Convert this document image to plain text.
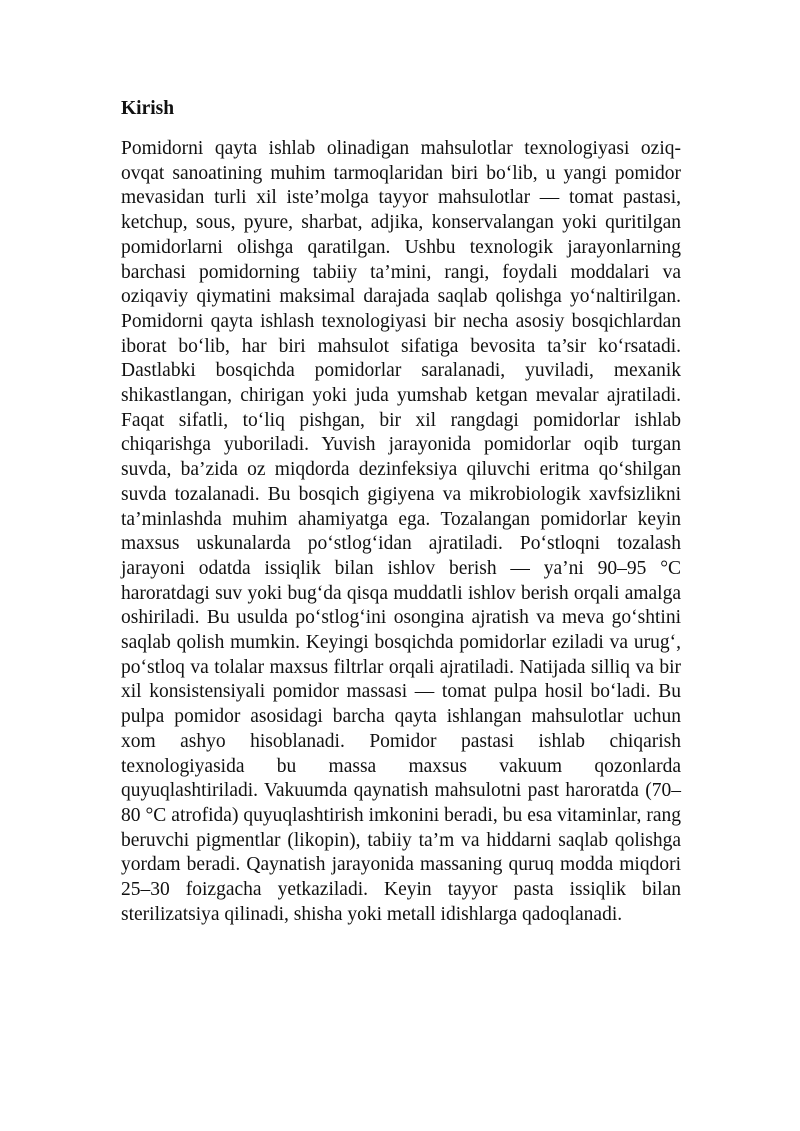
Kirish

Pomidorni qayta ishlab olinadigan mahsulotlar texnologiyasi oziq-ovqat sanoatining muhim tarmoqlaridan biri bo‘lib, u yangi pomidor mevasidan turli xil iste’molga tayyor mahsulotlar — tomat pastasi, ketchup, sous, pyure, sharbat, adjika, konservalangan yoki quritilgan pomidorlarni olishga qaratilgan. Ushbu texnologik jarayonlarning barchasi pomidorning tabiiy ta’mini, rangi, foydali moddalari va oziqaviy qiymatini maksimal darajada saqlab qolishga yo‘naltirilgan. Pomidorni qayta ishlash texnologiyasi bir necha asosiy bosqichlardan iborat bo‘lib, har biri mahsulot sifatiga bevosita ta’sir ko‘rsatadi. Dastlabki bosqichda pomidorlar saralanadi, yuviladi, mexanik shikastlangan, chirigan yoki juda yumshab ketgan mevalar ajratiladi. Faqat sifatli, to‘liq pishgan, bir xil rangdagi pomidorlar ishlab chiqarishga yuboriladi. Yuvish jarayonida pomidorlar oqib turgan suvda, ba’zida oz miqdorda dezinfeksiya qiluvchi eritma qo‘shilgan suvda tozalanadi. Bu bosqich gigiyena va mikrobiologik xavfsizlikni ta’minlashda muhim ahamiyatga ega. Tozalangan pomidorlar keyin maxsus uskunalarda po‘stlog‘idan ajratiladi. Po‘stloqni tozalash jarayoni odatda issiqlik bilan ishlov berish — ya’ni 90–95 °C haroratdagi suv yoki bug‘da qisqa muddatli ishlov berish orqali amalga oshiriladi. Bu usulda po‘stlog‘ini osongina ajratish va meva go‘shtini saqlab qolish mumkin. Keyingi bosqichda pomidorlar eziladi va urug‘, po‘stloq va tolalar maxsus filtrlar orqali ajratiladi. Natijada silliq va bir xil konsistensiyali pomidor massasi — tomat pulpa hosil bo‘ladi. Bu pulpa pomidor asosidagi barcha qayta ishlangan mahsulotlar uchun xom ashyo hisoblanadi. Pomidor pastasi ishlab chiqarish texnologiyasida bu massa maxsus vakuum qozonlarda quyuqlashtiriladi. Vakuumda qaynatish mahsulotni past haroratda (70–80 °C atrofida) quyuqlashtirish imkonini beradi, bu esa vitaminlar, rang beruvchi pigmentlar (likopin), tabiiy ta’m va hiddarni saqlab qolishga yordam beradi. Qaynatish jarayonida massaning quruq modda miqdori 25–30 foizgacha yetkaziladi. Keyin tayyor pasta issiqlik bilan sterilizatsiya qilinadi, shisha yoki metall idishlarga qadoqlanadi.
